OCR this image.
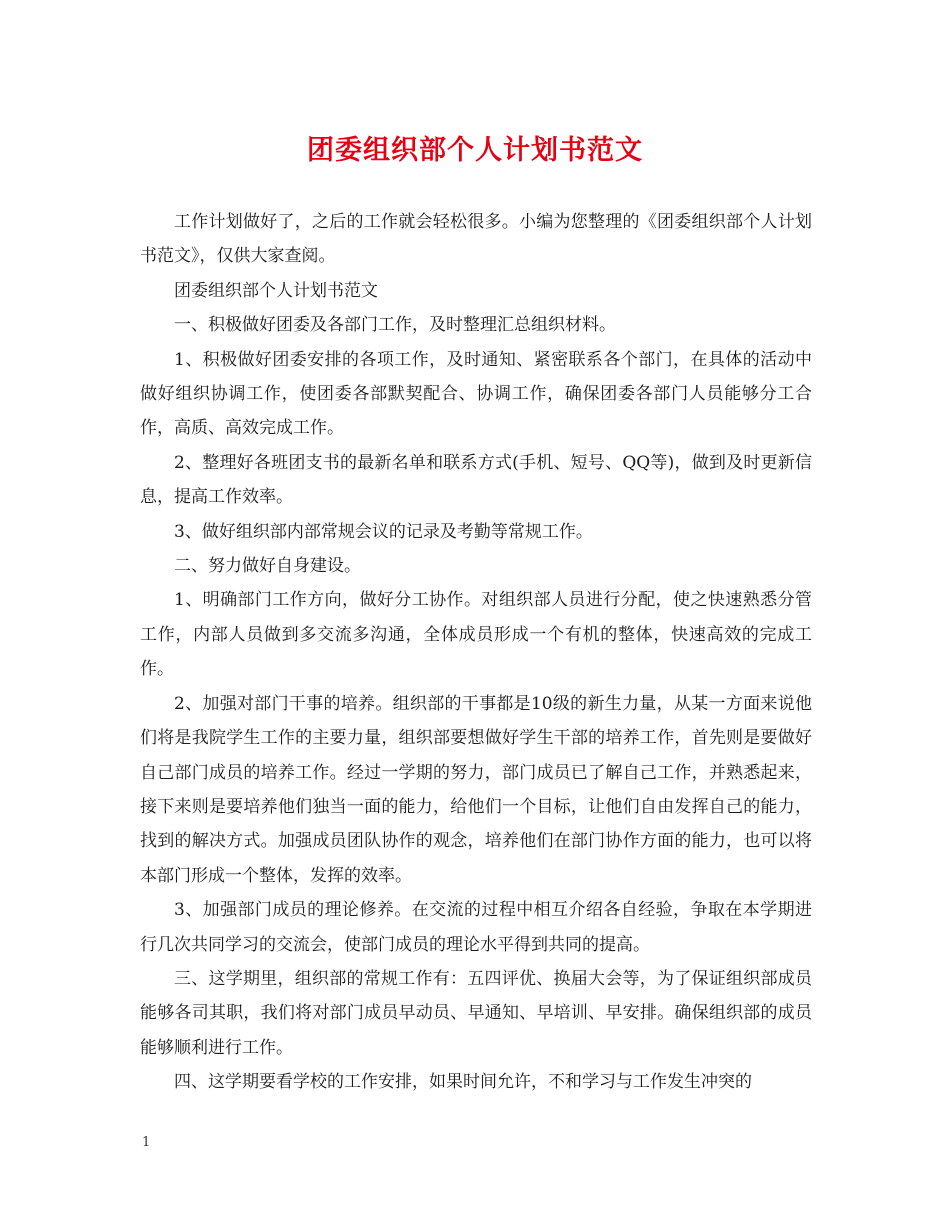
团委组织部个人计划书范文

工作计划做好了，之后的工作就会轻松很多。小编为您整理的《团委组织部个人计划书范文》，仅供大家查阅。

团委组织部个人计划书范文

一、积极做好团委及各部门工作，及时整理汇总组织材料。

1、积极做好团委安排的各项工作，及时通知、紧密联系各个部门，在具体的活动中做好组织协调工作，使团委各部默契配合、协调工作，确保团委各部门人员能够分工合作，高质、高效完成工作。

2、整理好各班团支书的最新名单和联系方式(手机、短号、QQ等)，做到及时更新信息，提高工作效率。

3、做好组织部内部常规会议的记录及考勤等常规工作。

二、努力做好自身建设。

1、明确部门工作方向，做好分工协作。对组织部人员进行分配，使之快速熟悉分管工作，内部人员做到多交流多沟通，全体成员形成一个有机的整体，快速高效的完成工作。

2、加强对部门干事的培养。组织部的干事都是10级的新生力量，从某一方面来说他们将是我院学生工作的主要力量，组织部要想做好学生干部的培养工作，首先则是要做好自己部门成员的培养工作。经过一学期的努力，部门成员已了解自己工作，并熟悉起来，接下来则是要培养他们独当一面的能力，给他们一个目标，让他们自由发挥自己的能力，找到的解决方式。加强成员团队协作的观念，培养他们在部门协作方面的能力，也可以将本部门形成一个整体，发挥的效率。

3、加强部门成员的理论修养。在交流的过程中相互介绍各自经验，争取在本学期进行几次共同学习的交流会，使部门成员的理论水平得到共同的提高。

三、这学期里，组织部的常规工作有：五四评优、换届大会等，为了保证组织部成员能够各司其职，我们将对部门成员早动员、早通知、早培训、早安排。确保组织部的成员能够顺利进行工作。

四、这学期要看学校的工作安排，如果时间允许，不和学习与工作发生冲突的

1
